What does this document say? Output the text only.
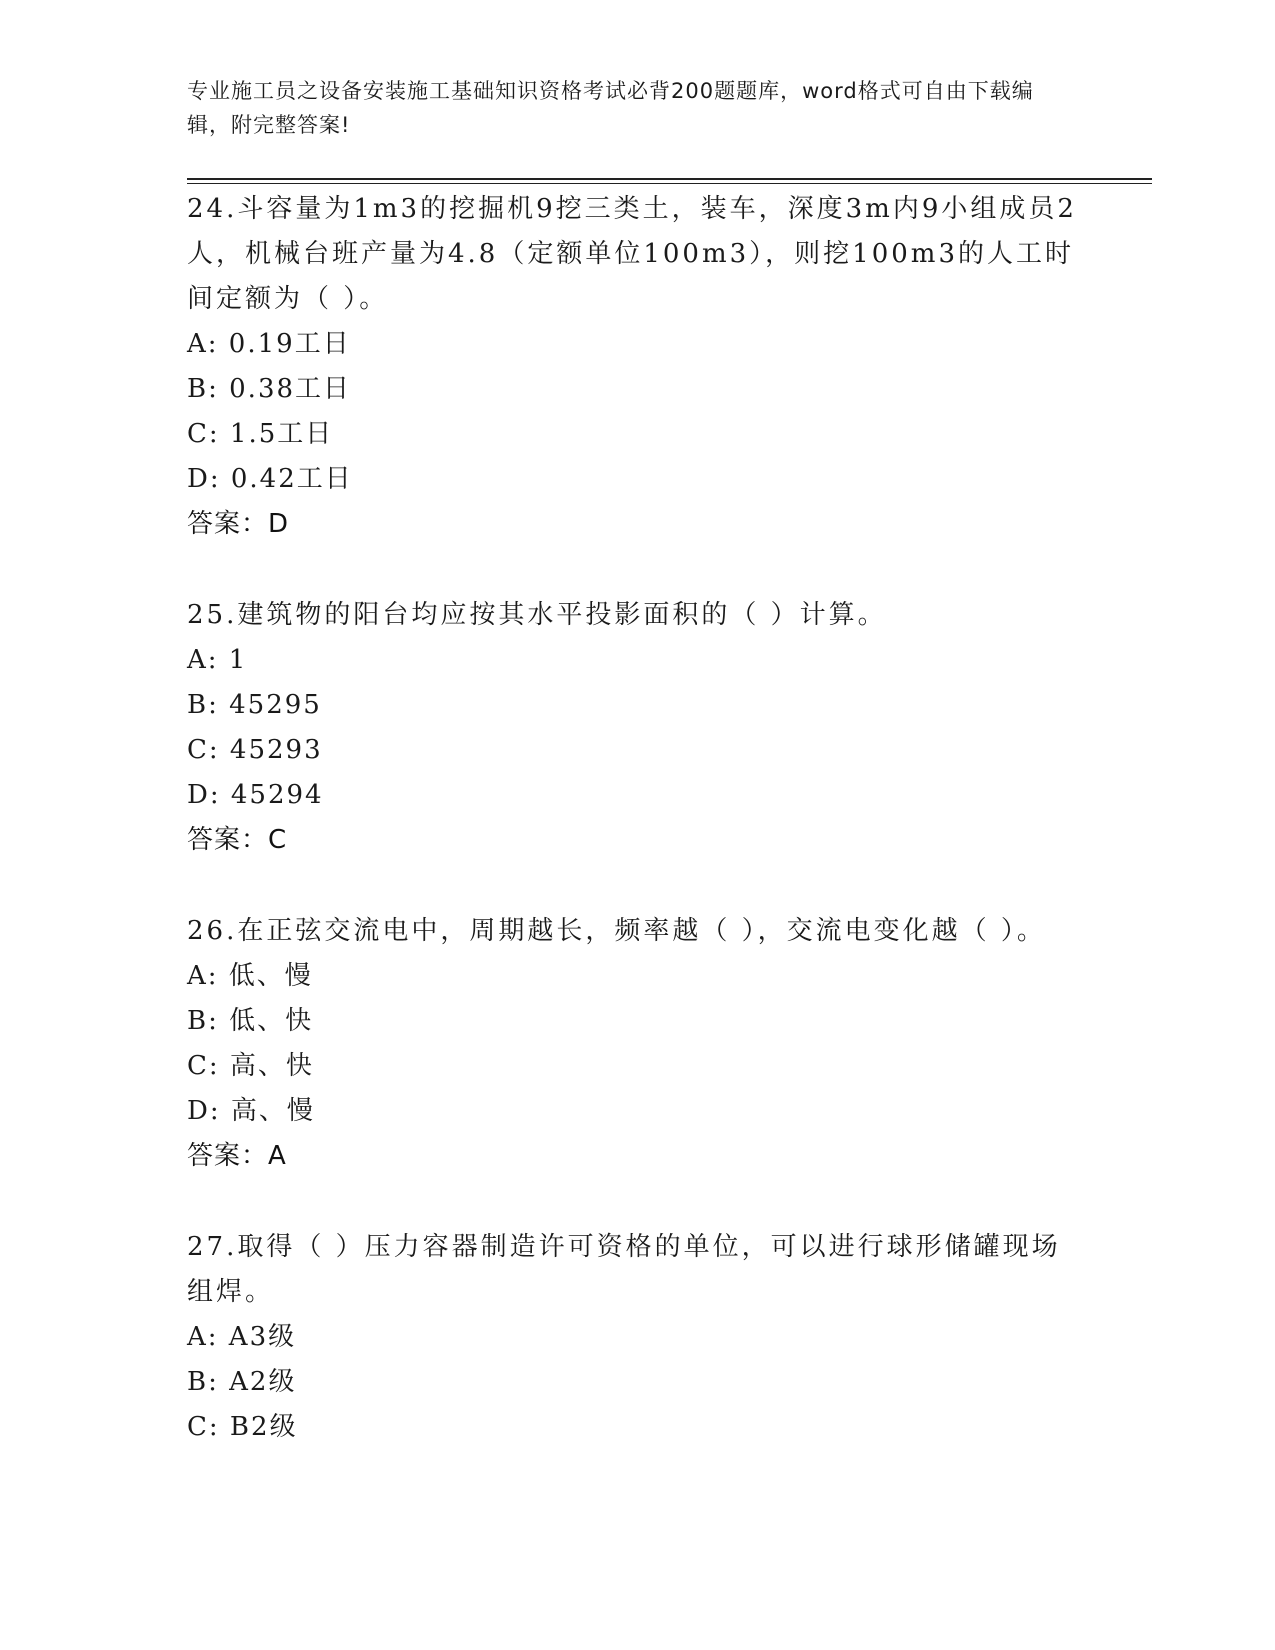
专业施工员之设备安装施工基础知识资格考试必背200题题库，word格式可自由下载编辑，附完整答案!

24.斗容量为1m3的挖掘机9挖三类土，装车，深度3m内9小组成员2人，机械台班产量为4.8（定额单位100m3），则挖100m3的人工时间定额为（ ）。

A: 0.19工日

B: 0.38工日

C: 1.5工日

D: 0.42工日

答案：D

25.建筑物的阳台均应按其水平投影面积的（ ）计算。

A: 1

B: 45295

C: 45293

D: 45294

答案：C

26.在正弦交流电中，周期越长，频率越（ ），交流电变化越（ ）。

A: 低、慢

B: 低、快

C: 高、快

D: 高、慢

答案：A

27.取得（ ）压力容器制造许可资格的单位，可以进行球形储罐现场组焊。

A: A3级

B: A2级

C: B2级
